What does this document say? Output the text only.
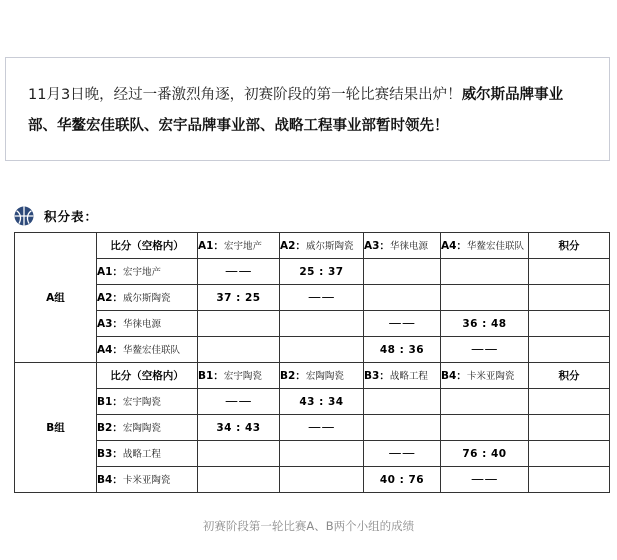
11月3日晚，经过一番激烈角逐，初赛阶段的第一轮比赛结果出炉！威尔斯品牌事业部、华鳌宏佳联队、宏宇品牌事业部、战略工程事业部暂时领先！

积分表：
A组	比分（空格内）	A1：宏宇地产	A2：威尔斯陶瓷	A3：华徕电源	A4：华鳌宏佳联队	积分
	A1：宏宇地产	——	25 : 37			
	A2：威尔斯陶瓷	37 : 25	——			
	A3：华徕电源			——	36 : 48	
	A4：华鳌宏佳联队			48 : 36	——	
B组	比分（空格内）	B1：宏宇陶瓷	B2：宏陶陶瓷	B3：战略工程	B4：卡米亚陶瓷	积分
	B1：宏宇陶瓷	——	43 : 34			
	B2：宏陶陶瓷	34 : 43	——			
	B3：战略工程			——	76 : 40	
	B4：卡米亚陶瓷			40 : 76	——	
初赛阶段第一轮比赛A、B两个小组的成绩
